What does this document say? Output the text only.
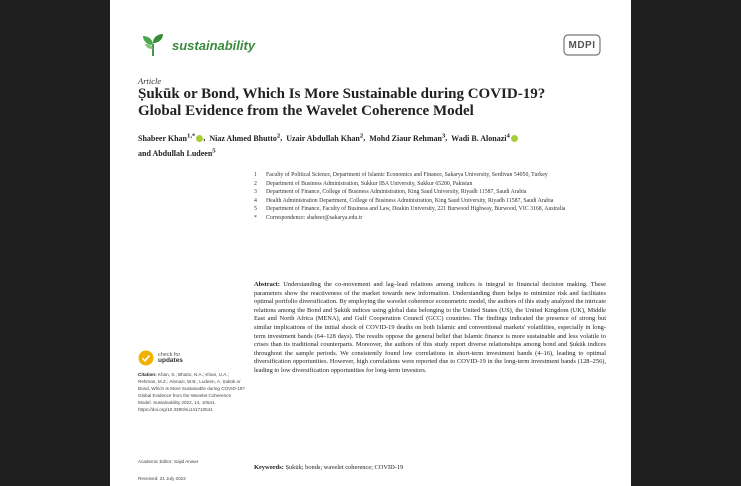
sustainability	MDPI
Article
Ṣukūk or Bond, Which Is More Sustainable during COVID-19?
Global Evidence from the Wavelet Coherence Model
Shabeer Khan$^{1,*}$ ,  Niaz Ahmed Bhutto$^2$,  Uzair Abdullah Khan$^2$,  Mohd Ziaur Rehman$^3$,  Wadi B. Alonazi$^4$
and Abdullah Ludeen$^5$
1	Faculty of Political Science, Department of Islamic Economics and Finance, Sakarya University, Serdivan 54050, Turkey
2	Department of Business Administration, Sukkur IBA University, Sukkur 65200, Pakistan
3	Department of Finance, College of Business Administration, King Saud University, Riyadh 11587, Saudi Arabia
4	Health Administration Department, College of Business Administration, King Saud University, Riyadh 11587, Saudi Arabia
5	Department of Finance, Faculty of Business and Law, Deakin University, 221 Burwood Highway, Burwood, VIC 3168, Australia
*	Correspondence: shabeer@sakarya.edu.tr
Abstract: Understanding the co-movement and lag–lead relations among indices is integral to financial decision making. These parameters show the reactiveness of the market towards new information. Understanding them helps to minimize risk and facilitates optimal portfolio diversification. By employing the wavelet coherence econometric model, the authors of this study analyzed the intricate relations among the Bond and Ṣukūk indices using global data belonging to the United States (US), the United Kingdom (UK), Middle East and North Africa (MENA), and Gulf Cooperation Council (GCC) countries. The findings indicated the presence of strong but similar implications of the initial shock of COVID-19 deaths on both Islamic and conventional markets' volatilities, especially in long-term investment bands (64–128 days). The results oppose the general belief that Islamic finance is more sustainable and less volatile to crises than its traditional counterparts. Moreover, the authors of this study report diverse relationships among bond and Ṣukūk indices throughout the sample periods. We consistently found low correlations in short-term investment bands (4–16), leading to optimal diversification opportunities. However, high correlations were reported due to COVID-19 in the long-term investment bands (128–256), leading to low diversification opportunities for long-term investors.
Keywords: Ṣukūk; bonds; wavelet coherence; COVID-19
check for
updates
Citation: Khan, S.; Bhutto, N.A.; Khan, U.A.; Rehman, M.Z.; Alonazi, W.B.; Ludeen, A. Ṣukūk or Bond, Which Is More Sustainable during COVID-19? Global Evidence from the Wavelet Coherence Model. Sustainability 2022, 14, 10541. https://doi.org/10.3390/su141710541
Academic Editor: Sajid Anwar
Received: 21 July 2022
